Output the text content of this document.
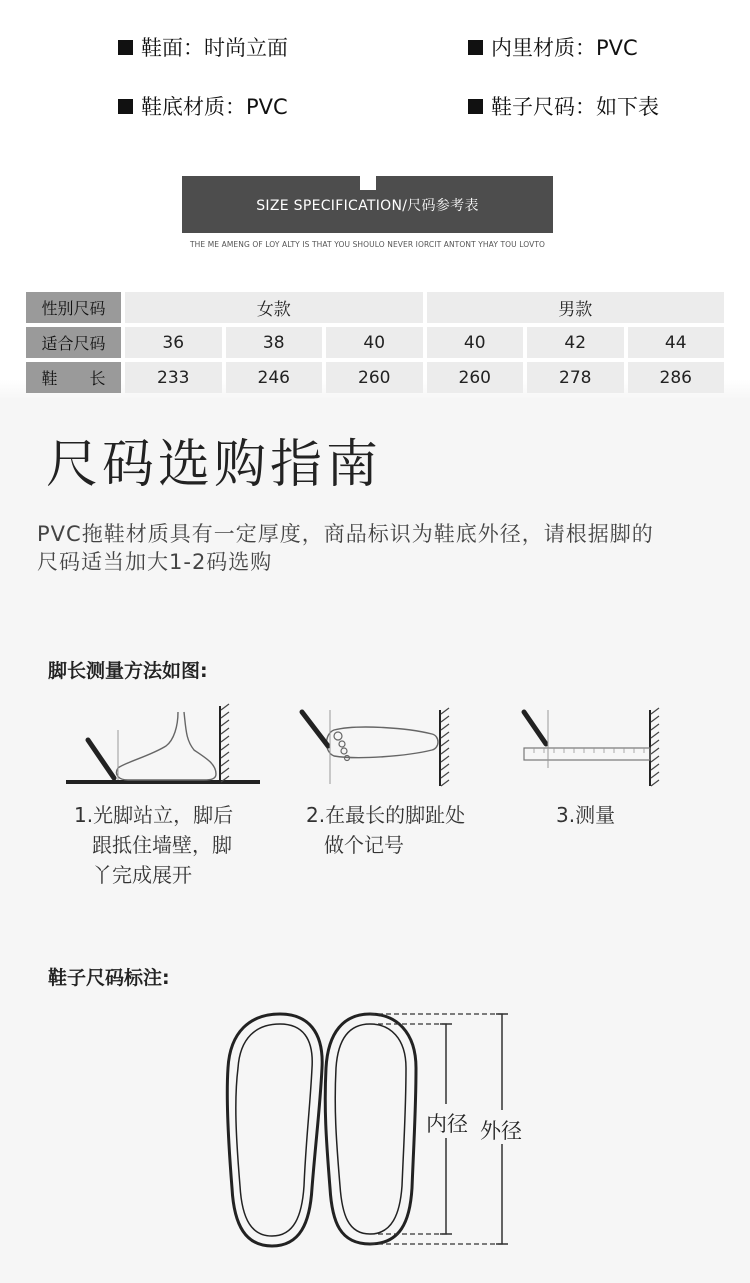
鞋面：时尚立面	内里材质：PVC
鞋底材质：PVC	鞋子尺码：如下表
SIZE SPECIFICATION/尺码参考表
THE ME AMENG OF LOY ALTY IS THAT YOU SHOULO NEVER IORCIT ANTONT YHAY TOU LOVTO
性别尺码	女款			男款		
适合尺码	36	38	40	40	42	44
鞋　　长	233	246	260	260	278	286
尺码选购指南
PVC拖鞋材质具有一定厚度，商品标识为鞋底外径，请根据脚的尺码适当加大1-2码选购
脚长测量方法如图:
1.光脚站立，脚后
跟抵住墙壁，脚
丫完成展开
2.在最长的脚趾处
做个记号
3.测量
鞋子尺码标注:
内径 外径
